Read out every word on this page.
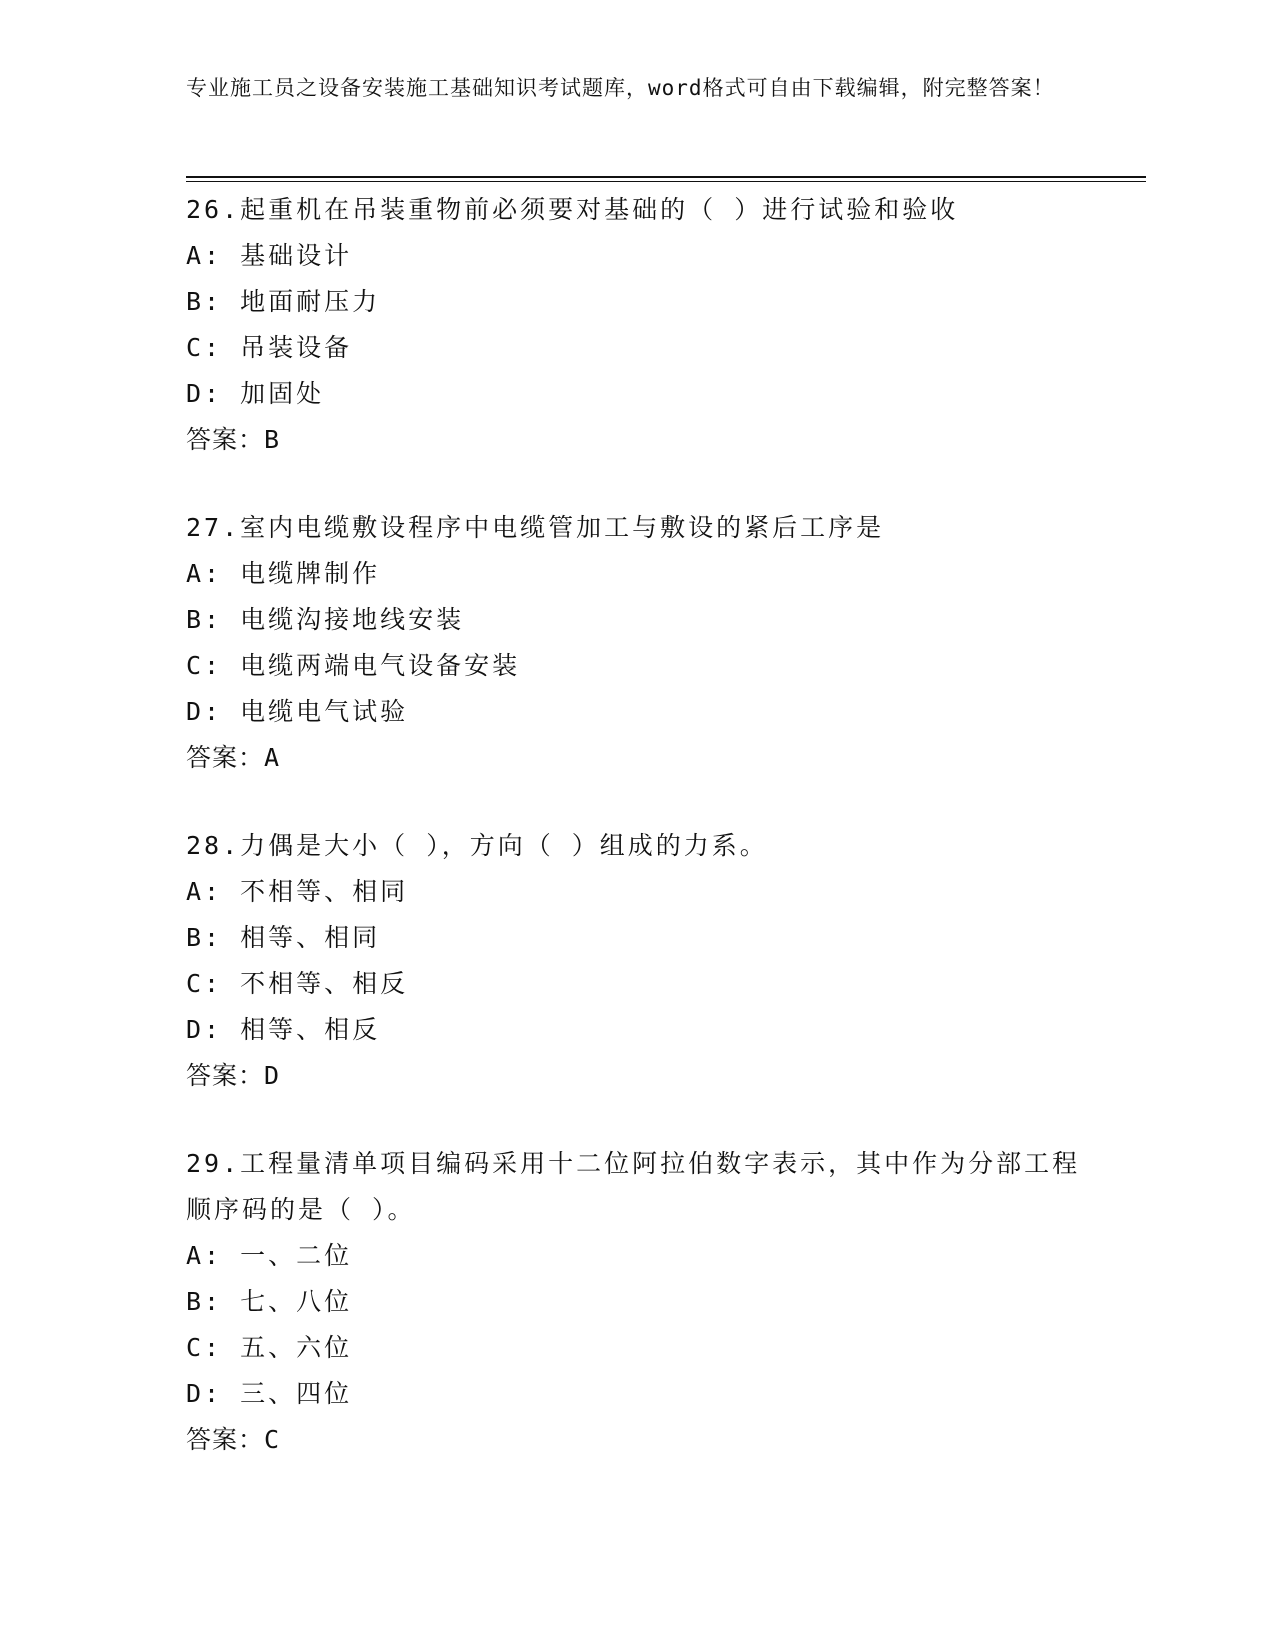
专业施工员之设备安装施工基础知识考试题库，word格式可自由下载编辑，附完整答案！

26.起重机在吊装重物前必须要对基础的（ ）进行试验和验收

A: 基础设计

B: 地面耐压力

C: 吊装设备

D: 加固处

答案：B

27.室内电缆敷设程序中电缆管加工与敷设的紧后工序是

A: 电缆牌制作

B: 电缆沟接地线安装

C: 电缆两端电气设备安装

D: 电缆电气试验

答案：A

28.力偶是大小（ ），方向（ ）组成的力系。

A: 不相等、相同

B: 相等、相同

C: 不相等、相反

D: 相等、相反

答案：D

29.工程量清单项目编码采用十二位阿拉伯数字表示，其中作为分部工程顺序码的是（ ）。

A: 一、二位

B: 七、八位

C: 五、六位

D: 三、四位

答案：C
